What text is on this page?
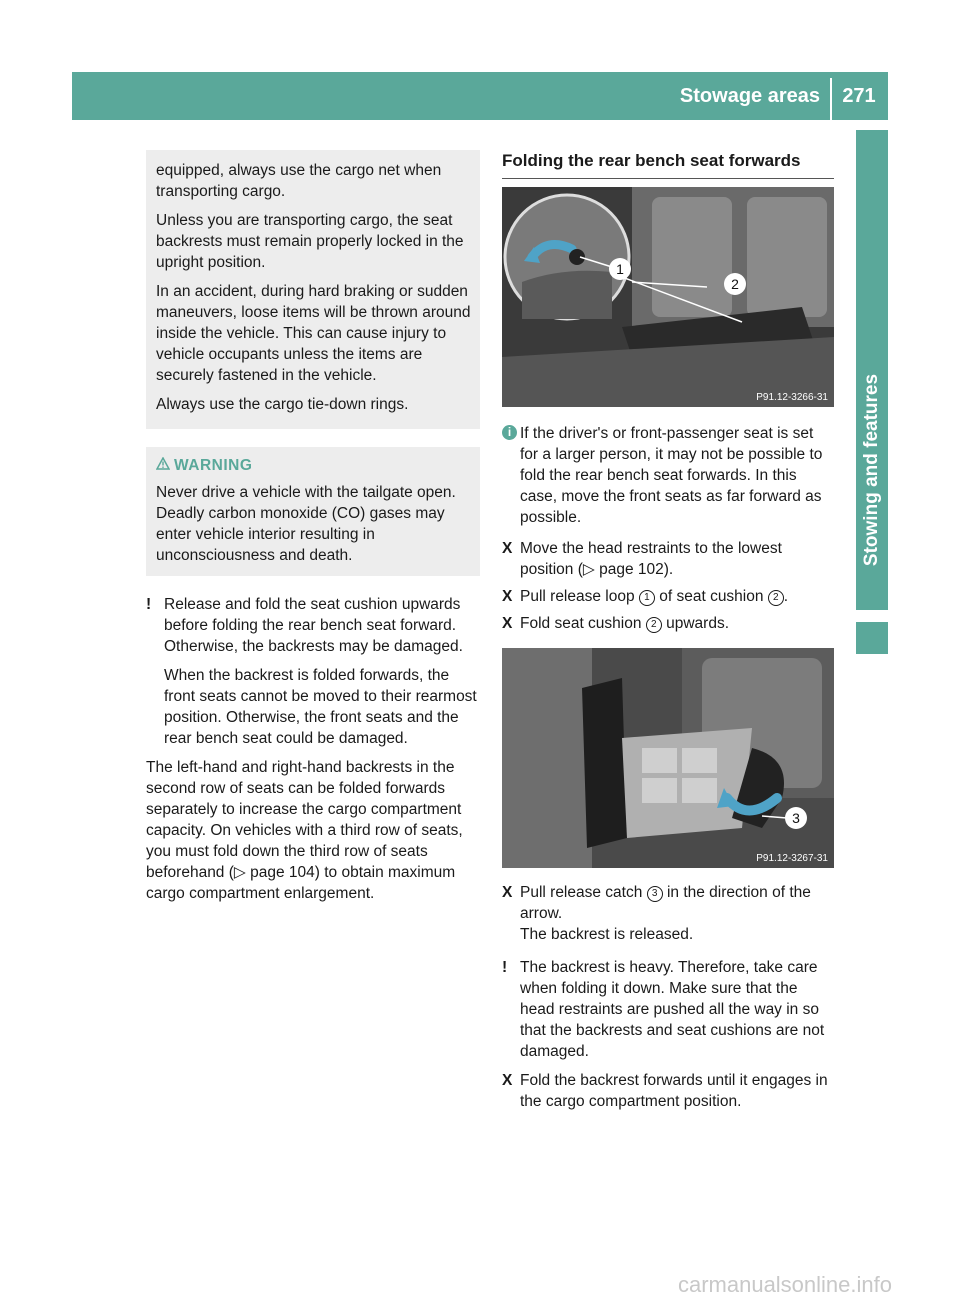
Stowage areas	271
Stowing and features

equipped, always use the cargo net when transporting cargo.

Unless you are transporting cargo, the seat backrests must remain properly locked in the upright position.

In an accident, during hard braking or sudden maneuvers, loose items will be thrown around inside the vehicle. This can cause injury to vehicle occupants unless the items are securely fastened in the vehicle.

Always use the cargo tie-down rings.

WARNING

Never drive a vehicle with the tailgate open. Deadly carbon monoxide (CO) gases may enter vehicle interior resulting in unconsciousness and death.

! Release and fold the seat cushion upwards before folding the rear bench seat forward. Otherwise, the backrests may be damaged.

When the backrest is folded forwards, the front seats cannot be moved to their rearmost position. Otherwise, the front seats and the rear bench seat could be damaged.

The left-hand and right-hand backrests in the second row of seats can be folded forwards separately to increase the cargo compartment capacity. On vehicles with a third row of seats, you must fold down the third row of seats beforehand (▷ page 104) to obtain maximum cargo compartment enlargement.

Folding the rear bench seat forwards
1
2
P91.12-3266-31
i If the driver's or front-passenger seat is set for a larger person, it may not be possible to fold the rear bench seat forwards. In this case, move the front seats as far forward as possible.
X Move the head restraints to the lowest position (▷ page 102).
X Pull release loop 1 of seat cushion 2 .
X Fold seat cushion 2 upwards.
3
P91.12-3267-31
X Pull release catch 3 in the direction of the arrow.

The backrest is released.

! The backrest is heavy. Therefore, take care when folding it down. Make sure that the head restraints are pushed all the way in so that the backrests and seat cushions are not damaged.

X Fold the backrest forwards until it engages in the cargo compartment position.
carmanualsonline.info
